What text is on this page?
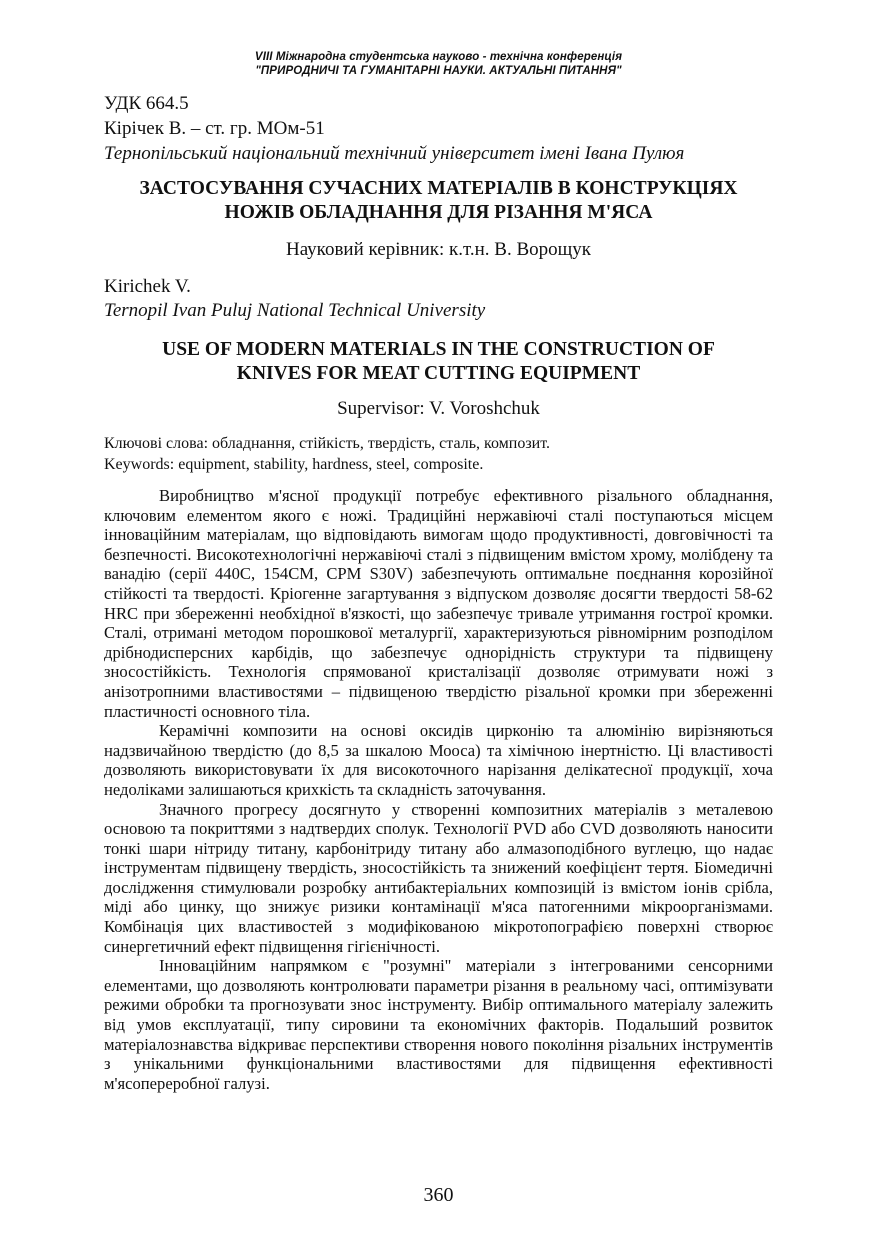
VIII Міжнародна студентська науково - технічна конференція
"ПРИРОДНИЧІ ТА ГУМАНІТАРНІ НАУКИ. АКТУАЛЬНІ ПИТАННЯ"
УДК 664.5
Кірічек В. – ст. гр. МОм-51
Тернопільський національний технічний університет імені Івана Пулюя
ЗАСТОСУВАННЯ СУЧАСНИХ МАТЕРІАЛІВ В КОНСТРУКЦІЯХ
НОЖІВ ОБЛАДНАННЯ ДЛЯ РІЗАННЯ М'ЯСА
Науковий керівник: к.т.н. В. Ворощук
Kirichek V.
Ternopil Ivan Puluj National Technical University
USE OF MODERN MATERIALS IN THE CONSTRUCTION OF
KNIVES FOR MEAT CUTTING EQUIPMENT
Supervisor: V. Voroshchuk
Ключові слова: обладнання, стійкість, твердість, сталь, композит.
Keywords: equipment, stability, hardness, steel, composite.

Виробництво м'ясної продукції потребує ефективного різального обладнання, ключовим елементом якого є ножі. Традиційні нержавіючі сталі поступаються місцем інноваційним матеріалам, що відповідають вимогам щодо продуктивності, довговічності та безпечності. Високотехнологічні нержавіючі сталі з підвищеним вмістом хрому, молібдену та ванадію (серії 440С, 154CM, CPM S30V) забезпечують оптимальне поєднання корозійної стійкості та твердості. Кріогенне загартування з відпуском дозволяє досягти твердості 58-62 HRC при збереженні необхідної в'язкості, що забезпечує тривале утримання гострої кромки. Сталі, отримані методом порошкової металургії, характеризуються рівномірним розподілом дрібнодисперсних карбідів, що забезпечує однорідність структури та підвищену зносостійкість. Технологія спрямованої кристалізації дозволяє отримувати ножі з анізотропними властивостями – підвищеною твердістю різальної кромки при збереженні пластичності основного тіла.

Керамічні композити на основі оксидів цирконію та алюмінію вирізняються надзвичайною твердістю (до 8,5 за шкалою Мооса) та хімічною інертністю. Ці властивості дозволяють використовувати їх для високоточного нарізання делікатесної продукції, хоча недоліками залишаються крихкість та складність заточування.

Значного прогресу досягнуто у створенні композитних матеріалів з металевою основою та покриттями з надтвердих сполук. Технології PVD або CVD дозволяють наносити тонкі шари нітриду титану, карбонітриду титану або алмазоподібного вуглецю, що надає інструментам підвищену твердість, зносостійкість та знижений коефіцієнт тертя. Біомедичні дослідження стимулювали розробку антибактеріальних композицій із вмістом іонів срібла, міді або цинку, що знижує ризики контамінації м'яса патогенними мікроорганізмами. Комбінація цих властивостей з модифікованою мікротопографією поверхні створює синергетичний ефект підвищення гігієнічності.

Інноваційним напрямком є "розумні" матеріали з інтегрованими сенсорними елементами, що дозволяють контролювати параметри різання в реальному часі, оптимізувати режими обробки та прогнозувати знос інструменту. Вибір оптимального матеріалу залежить від умов експлуатації, типу сировини та економічних факторів. Подальший розвиток матеріалознавства відкриває перспективи створення нового покоління різальних інструментів з унікальними функціональними властивостями для підвищення ефективності м'ясопереробної галузі.

360
